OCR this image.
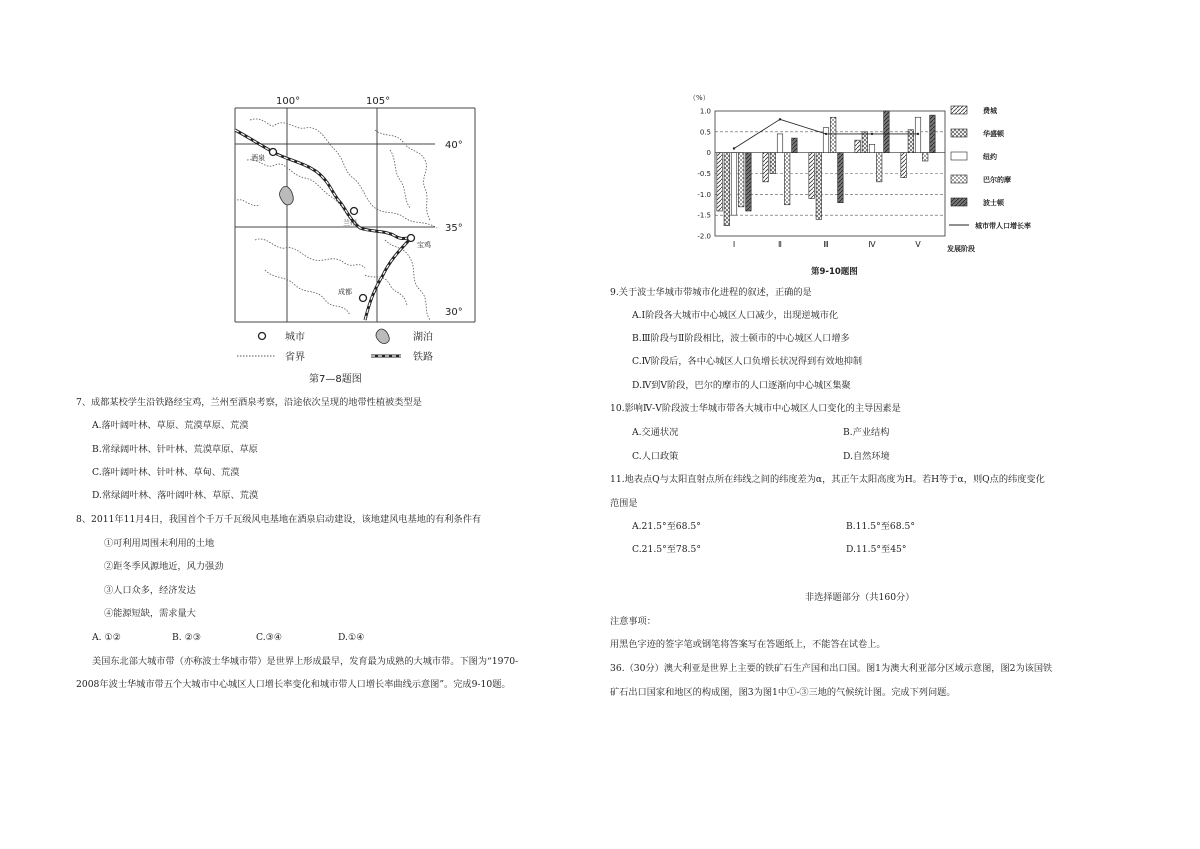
100°	105°
40°
35°
30°
酒泉
兰州
宝鸡
成都
城市	湖泊
省界	铁路
第7—8题图
（%）
1.0
0.5
0
-0.5
-1.0
-1.5
-2.0
Ⅰ	Ⅱ	Ⅲ	Ⅳ	Ⅴ
费城
华盛顿
纽约
巴尔的摩
波士顿
城市带人口增长率
发展阶段
第9-10题图
7、成都某校学生沿铁路经宝鸡，兰州至酒泉考察，沿途依次呈现的地带性植被类型是
A.落叶阔叶林、草原、荒漠草原、荒漠
B.常绿阔叶林、针叶林、荒漠草原、草原
C.落叶阔叶林、针叶林、草甸、荒漠
D.常绿阔叶林、落叶阔叶林、草原、荒漠
8、2011年11月4日，我国首个千万千瓦级风电基地在酒泉启动建设，该地建风电基地的有利条件有
①可利用周围未利用的土地
②距冬季风源地近，风力强劲
③人口众多，经济发达
④能源短缺，需求量大
A. ①②	B. ②③	C.③④	D.①④
美国东北部大城市带（亦称波士华城市带）是世界上形成最早，发育最为成熟的大城市带。下图为“1970-
2008年波士华城市带五个大城市中心城区人口增长率变化和城市带人口增长率曲线示意图”。完成9-10题。
9.关于波士华城市带城市化进程的叙述，正确的是
A.Ⅰ阶段各大城市中心城区人口减少，出现逆城市化
B.Ⅲ阶段与Ⅱ阶段相比，波士顿市的中心城区人口增多
C.Ⅳ阶段后，各中心城区人口负增长状况得到有效地抑制
D.Ⅳ到Ⅴ阶段，巴尔的摩市的人口逐渐向中心城区集聚
10.影响Ⅳ-Ⅴ阶段波士华城市带各大城市中心城区人口变化的主导因素是
A.交通状况	B.产业结构
C.人口政策	D.自然环境
11.地表点Q与太阳直射点所在纬线之间的纬度差为α，其正午太阳高度为H。若H等于α，则Q点的纬度变化
范围是
A.21.5°至68.5°	B.11.5°至68.5°
C.21.5°至78.5°	D.11.5°至45°
非选择题部分（共160分）
注意事项：
用黑色字迹的签字笔或钢笔将答案写在答题纸上，不能答在试卷上。
36.（30分）澳大利亚是世界上主要的铁矿石生产国和出口国。图1为澳大利亚部分区域示意图，图2为该国铁
矿石出口国家和地区的构成图，图3为图1中①-③三地的气候统计图。完成下列问题。
